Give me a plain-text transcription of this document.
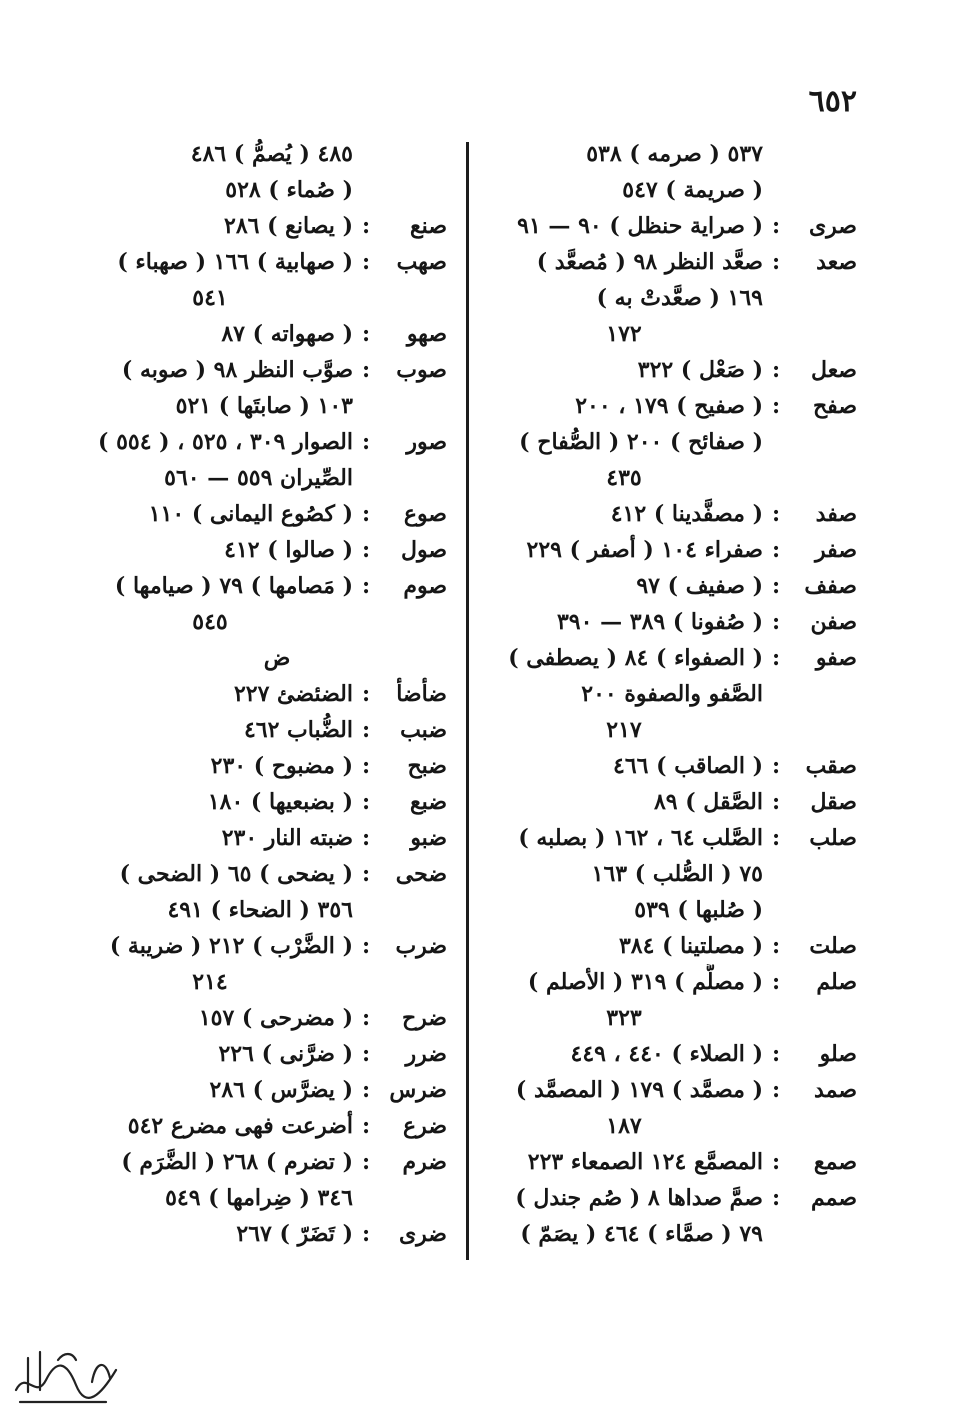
٦٥٢
٥٣٧ ( صرمه ) ٥٣٨
( صريمة ) ٥٤٧
صرى
:
( صراية حنظل ) ٩٠ — ٩١
صعد
:
صعَّد النظر ٩٨ ( مُصعَّد )
١٦٩ ( صعَّدتْ به )
١٧٢
صعل
:
( صَعْل ) ٣٢٢
صفح
:
( صفيح ) ١٧٩ ، ٢٠٠
( صفائح ) ٢٠٠ ( الصُّفاح )
٤٣٥
صفد
:
( مصفَّدينا ) ٤١٢
صفر
:
صفراء ١٠٤ ( أصفر ) ٢٢٩
صفف
:
( صفيف ) ٩٧
صفن
:
( صُفونا ) ٣٨٩ — ٣٩٠
صفو
:
( الصفواء ) ٨٤ ( يصطفى )
الصَّفو والصفوة ٢٠٠
٢١٧
صقب
:
( الصاقب ) ٤٦٦
صقل
:
الصَّقل ) ٨٩
صلب
:
الصَّلب ٦٤ ، ١٦٢ ( بصلبه )
٧٥ ( الصُّلب ) ١٦٣
( صُلبها ) ٥٣٩
صلت
:
( مصلتينا ) ٣٨٤
صلم
:
( مصلَّم ) ٣١٩ ( الأصلم )
٣٢٣
صلو
:
( الصلاء ) ٤٤٠ ، ٤٤٩
صمد
:
( مصمَّد ) ١٧٩ ( المصمَّد )
١٨٧
صمع
:
المصمَّع ١٢٤ الصمعاء ٢٢٣
صمم
:
صمَّ صداها ٨ ( صُم جندل )
٧٩ ( صمَّاء ) ٤٦٤ ( يصَمّ )
٤٨٥ ( يُصمُّ ) ٤٨٦
( صُماء ) ٥٢٨
صنع
:
( يصانع ) ٢٨٦
صهب
:
( صهابية ) ١٦٦ ( صهباء )
٥٤١
صهو
:
( صهواته ) ٨٧
صوب
:
صوَّب النظر ٩٨ ( صوبه )
١٠٣ ( صابتَها ) ٥٢١
صور
:
الصوار ٣٠٩ ، ٥٢٥ ، ( ٥٥٤ )
الصِّيران ٥٥٩ — ٥٦٠
صوع
:
( كصُوع اليمانى ) ١١٠
صول
:
( صالوا ) ٤١٢
صوم
:
( مَصامها ) ٧٩ ( صيامها )
٥٤٥
ض
ضأضأ
:
الضئضئ ٢٢٧
ضبب
:
الضُّباب ٤٦٢
ضبح
:
( مضبوح ) ٢٣٠
ضبع
:
( بضبعيها ) ١٨٠
ضبو
:
ضبته النار ٢٣٠
ضحى
:
( يضحى ) ٦٥ ( الضحى )
٣٥٦ ( الضحاء ) ٤٩١
ضرب
:
( الضَّرْب ) ٢١٢ ( ضريبة )
٢١٤
ضرح
:
( مضرحى ) ١٥٧
ضرر
:
( ضرَّنى ) ٢٢٦
ضرس
:
( يضرَّس ) ٢٨٦
ضرع
:
أضرعت فهى مضرع ٥٤٢
ضرم
:
( تضرم ) ٢٦٨ ( الضَّرَم )
٣٤٦ ( ضِرامها ) ٥٤٩
ضرى
:
( تَضَرّ ) ٢٦٧
